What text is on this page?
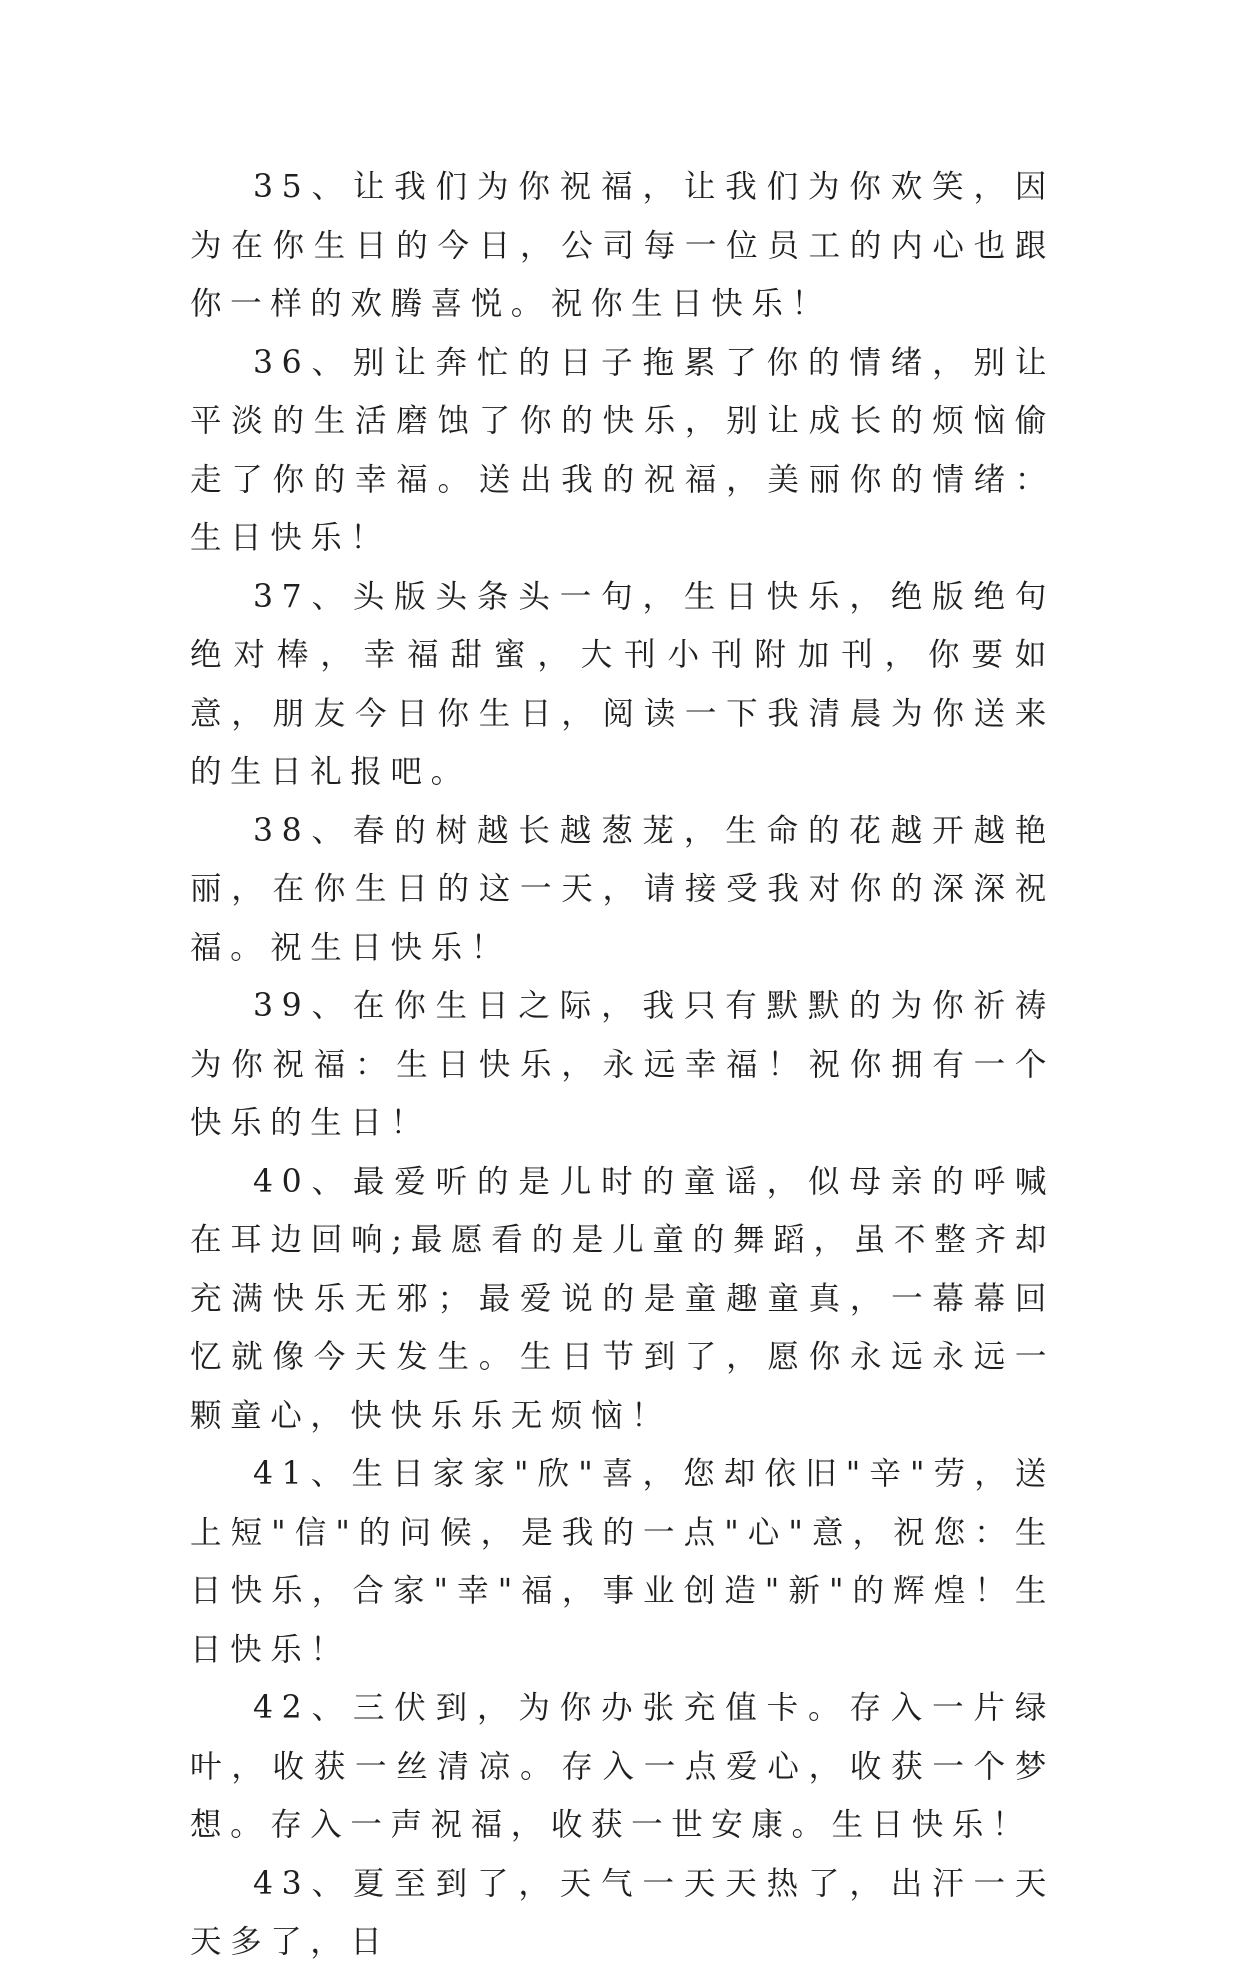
35、让我们为你祝福，让我们为你欢笑，因为在你生日的今日，公司每一位员工的内心也跟你一样的欢腾喜悦。祝你生日快乐！

36、别让奔忙的日子拖累了你的情绪，别让平淡的生活磨蚀了你的快乐，别让成长的烦恼偷走了你的幸福。送出我的祝福，美丽你的情绪：生日快乐！

37、头版头条头一句，生日快乐，绝版绝句绝对棒，幸福甜蜜，大刊小刊附加刊，你要如意，朋友今日你生日，阅读一下我清晨为你送来的生日礼报吧。

38、春的树越长越葱茏，生命的花越开越艳丽，在你生日的这一天，请接受我对你的深深祝福。祝生日快乐！

39、在你生日之际，我只有默默的为你祈祷为你祝福：生日快乐，永远幸福！祝你拥有一个快乐的生日！

40、最爱听的是儿时的童谣，似母亲的呼喊在耳边回响;最愿看的是儿童的舞蹈，虽不整齐却充满快乐无邪；最爱说的是童趣童真，一幕幕回忆就像今天发生。生日节到了，愿你永远永远一颗童心，快快乐乐无烦恼！

41、生日家家"欣"喜，您却依旧"辛"劳，送上短"信"的问候，是我的一点"心"意，祝您：生日快乐，合家"幸"福，事业创造"新"的辉煌！生日快乐！

42、三伏到，为你办张充值卡。存入一片绿叶，收获一丝清凉。存入一点爱心，收获一个梦想。存入一声祝福，收获一世安康。生日快乐！

43、夏至到了，天气一天天热了，出汗一天天多了，日
